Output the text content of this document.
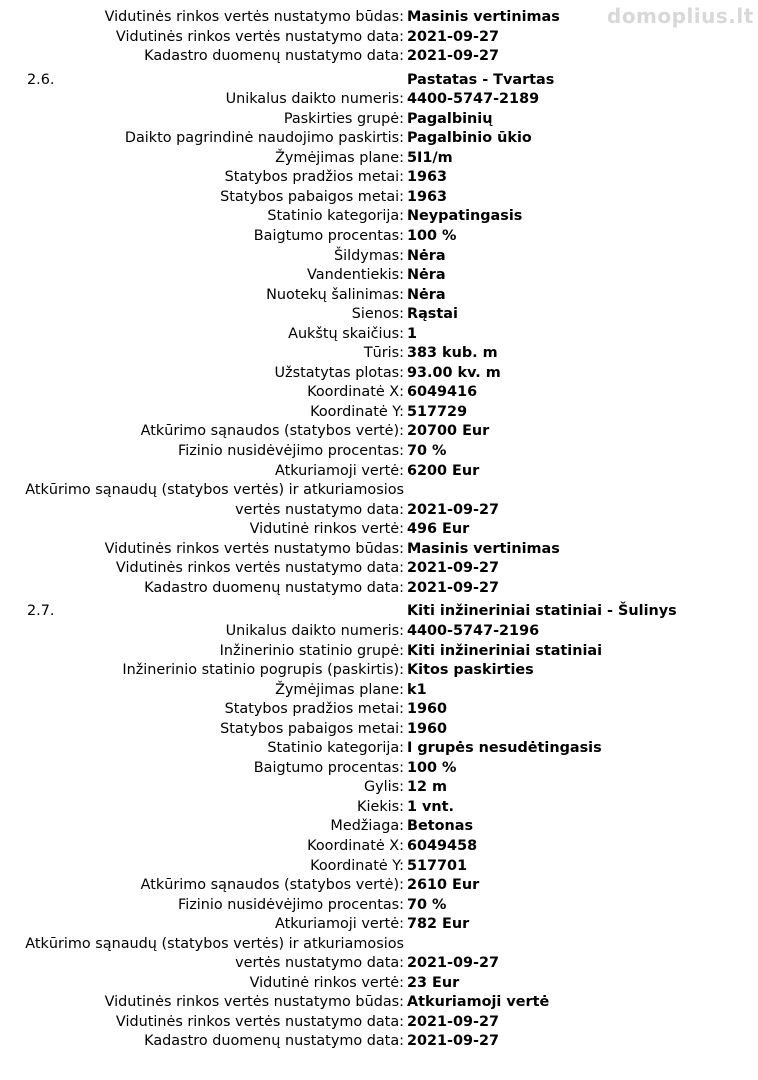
domoplius.lt
Vidutinės rinkos vertės nustatymo būdas: Masinis vertinimas
Vidutinės rinkos vertės nustatymo data: 2021-09-27
Kadastro duomenų nustatymo data: 2021-09-27
2.6.	Pastatas - Tvartas
Unikalus daikto numeris: 4400-5747-2189
Paskirties grupė: Pagalbinių
Daikto pagrindinė naudojimo paskirtis: Pagalbinio ūkio
Žymėjimas plane: 5I1/m
Statybos pradžios metai: 1963
Statybos pabaigos metai: 1963
Statinio kategorija: Neypatingasis
Baigtumo procentas: 100 %
Šildymas: Nėra
Vandentiekis: Nėra
Nuotekų šalinimas: Nėra
Sienos: Rąstai
Aukštų skaičius: 1
Tūris: 383 kub. m
Užstatytas plotas: 93.00 kv. m
Koordinatė X: 6049416
Koordinatė Y: 517729
Atkūrimo sąnaudos (statybos vertė): 20700 Eur
Fizinio nusidėvėjimo procentas: 70 %
Atkuriamoji vertė: 6200 Eur
Atkūrimo sąnaudų (statybos vertės) ir atkuriamosios
vertės nustatymo data: 2021-09-27
Vidutinė rinkos vertė: 496 Eur
Vidutinės rinkos vertės nustatymo būdas: Masinis vertinimas
Vidutinės rinkos vertės nustatymo data: 2021-09-27
Kadastro duomenų nustatymo data: 2021-09-27
2.7.	Kiti inžineriniai statiniai - Šulinys
Unikalus daikto numeris: 4400-5747-2196
Inžinerinio statinio grupė: Kiti inžineriniai statiniai
Inžinerinio statinio pogrupis (paskirtis): Kitos paskirties
Žymėjimas plane: k1
Statybos pradžios metai: 1960
Statybos pabaigos metai: 1960
Statinio kategorija: I grupės nesudėtingasis
Baigtumo procentas: 100 %
Gylis: 12 m
Kiekis: 1 vnt.
Medžiaga: Betonas
Koordinatė X: 6049458
Koordinatė Y: 517701
Atkūrimo sąnaudos (statybos vertė): 2610 Eur
Fizinio nusidėvėjimo procentas: 70 %
Atkuriamoji vertė: 782 Eur
Atkūrimo sąnaudų (statybos vertės) ir atkuriamosios
vertės nustatymo data: 2021-09-27
Vidutinė rinkos vertė: 23 Eur
Vidutinės rinkos vertės nustatymo būdas: Atkuriamoji vertė
Vidutinės rinkos vertės nustatymo data: 2021-09-27
Kadastro duomenų nustatymo data: 2021-09-27
